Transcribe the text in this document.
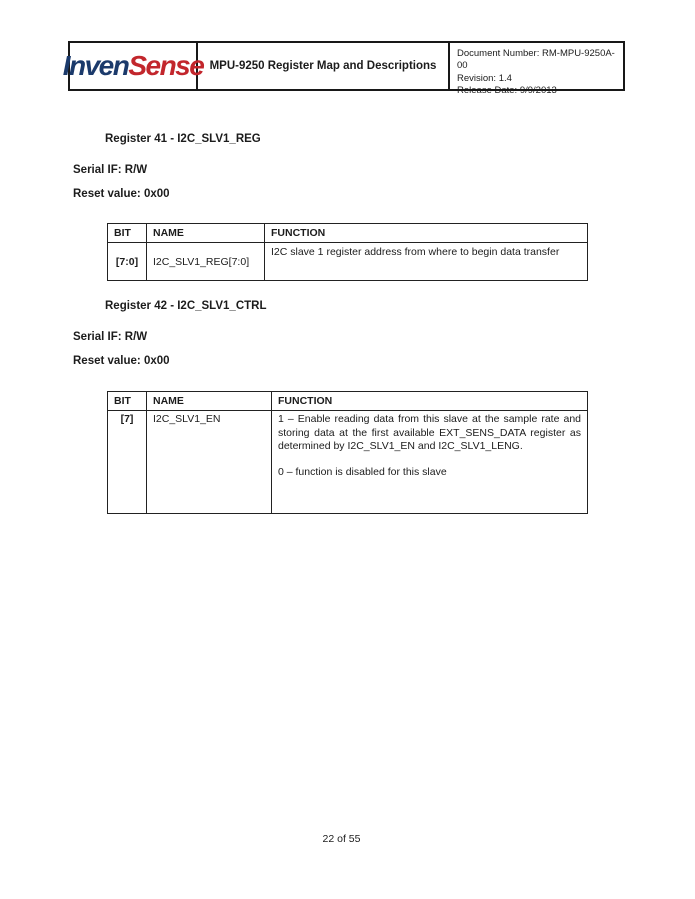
InvenSense MPU-9250 Register Map and Descriptions
Document Number: RM-MPU-9250A-00
Revision: 1.4
Release Date: 9/9/2013
Register 41 - I2C_SLV1_REG
Serial IF: R/W
Reset value: 0x00
BIT	NAME	FUNCTION
[7:0]	I2C_SLV1_REG[7:0]	I2C slave 1 register address from where to begin data transfer

Register 42 - I2C_SLV1_CTRL
Serial IF: R/W
Reset value: 0x00
BIT	NAME	FUNCTION
[7]	I2C_SLV1_EN	1 – Enable reading data from this slave at the sample rate and storing data at the first available EXT_SENS_DATA register as determined by I2C_SLV1_EN and I2C_SLV1_LENG.

0 – function is disabled for this slave

22 of 55
